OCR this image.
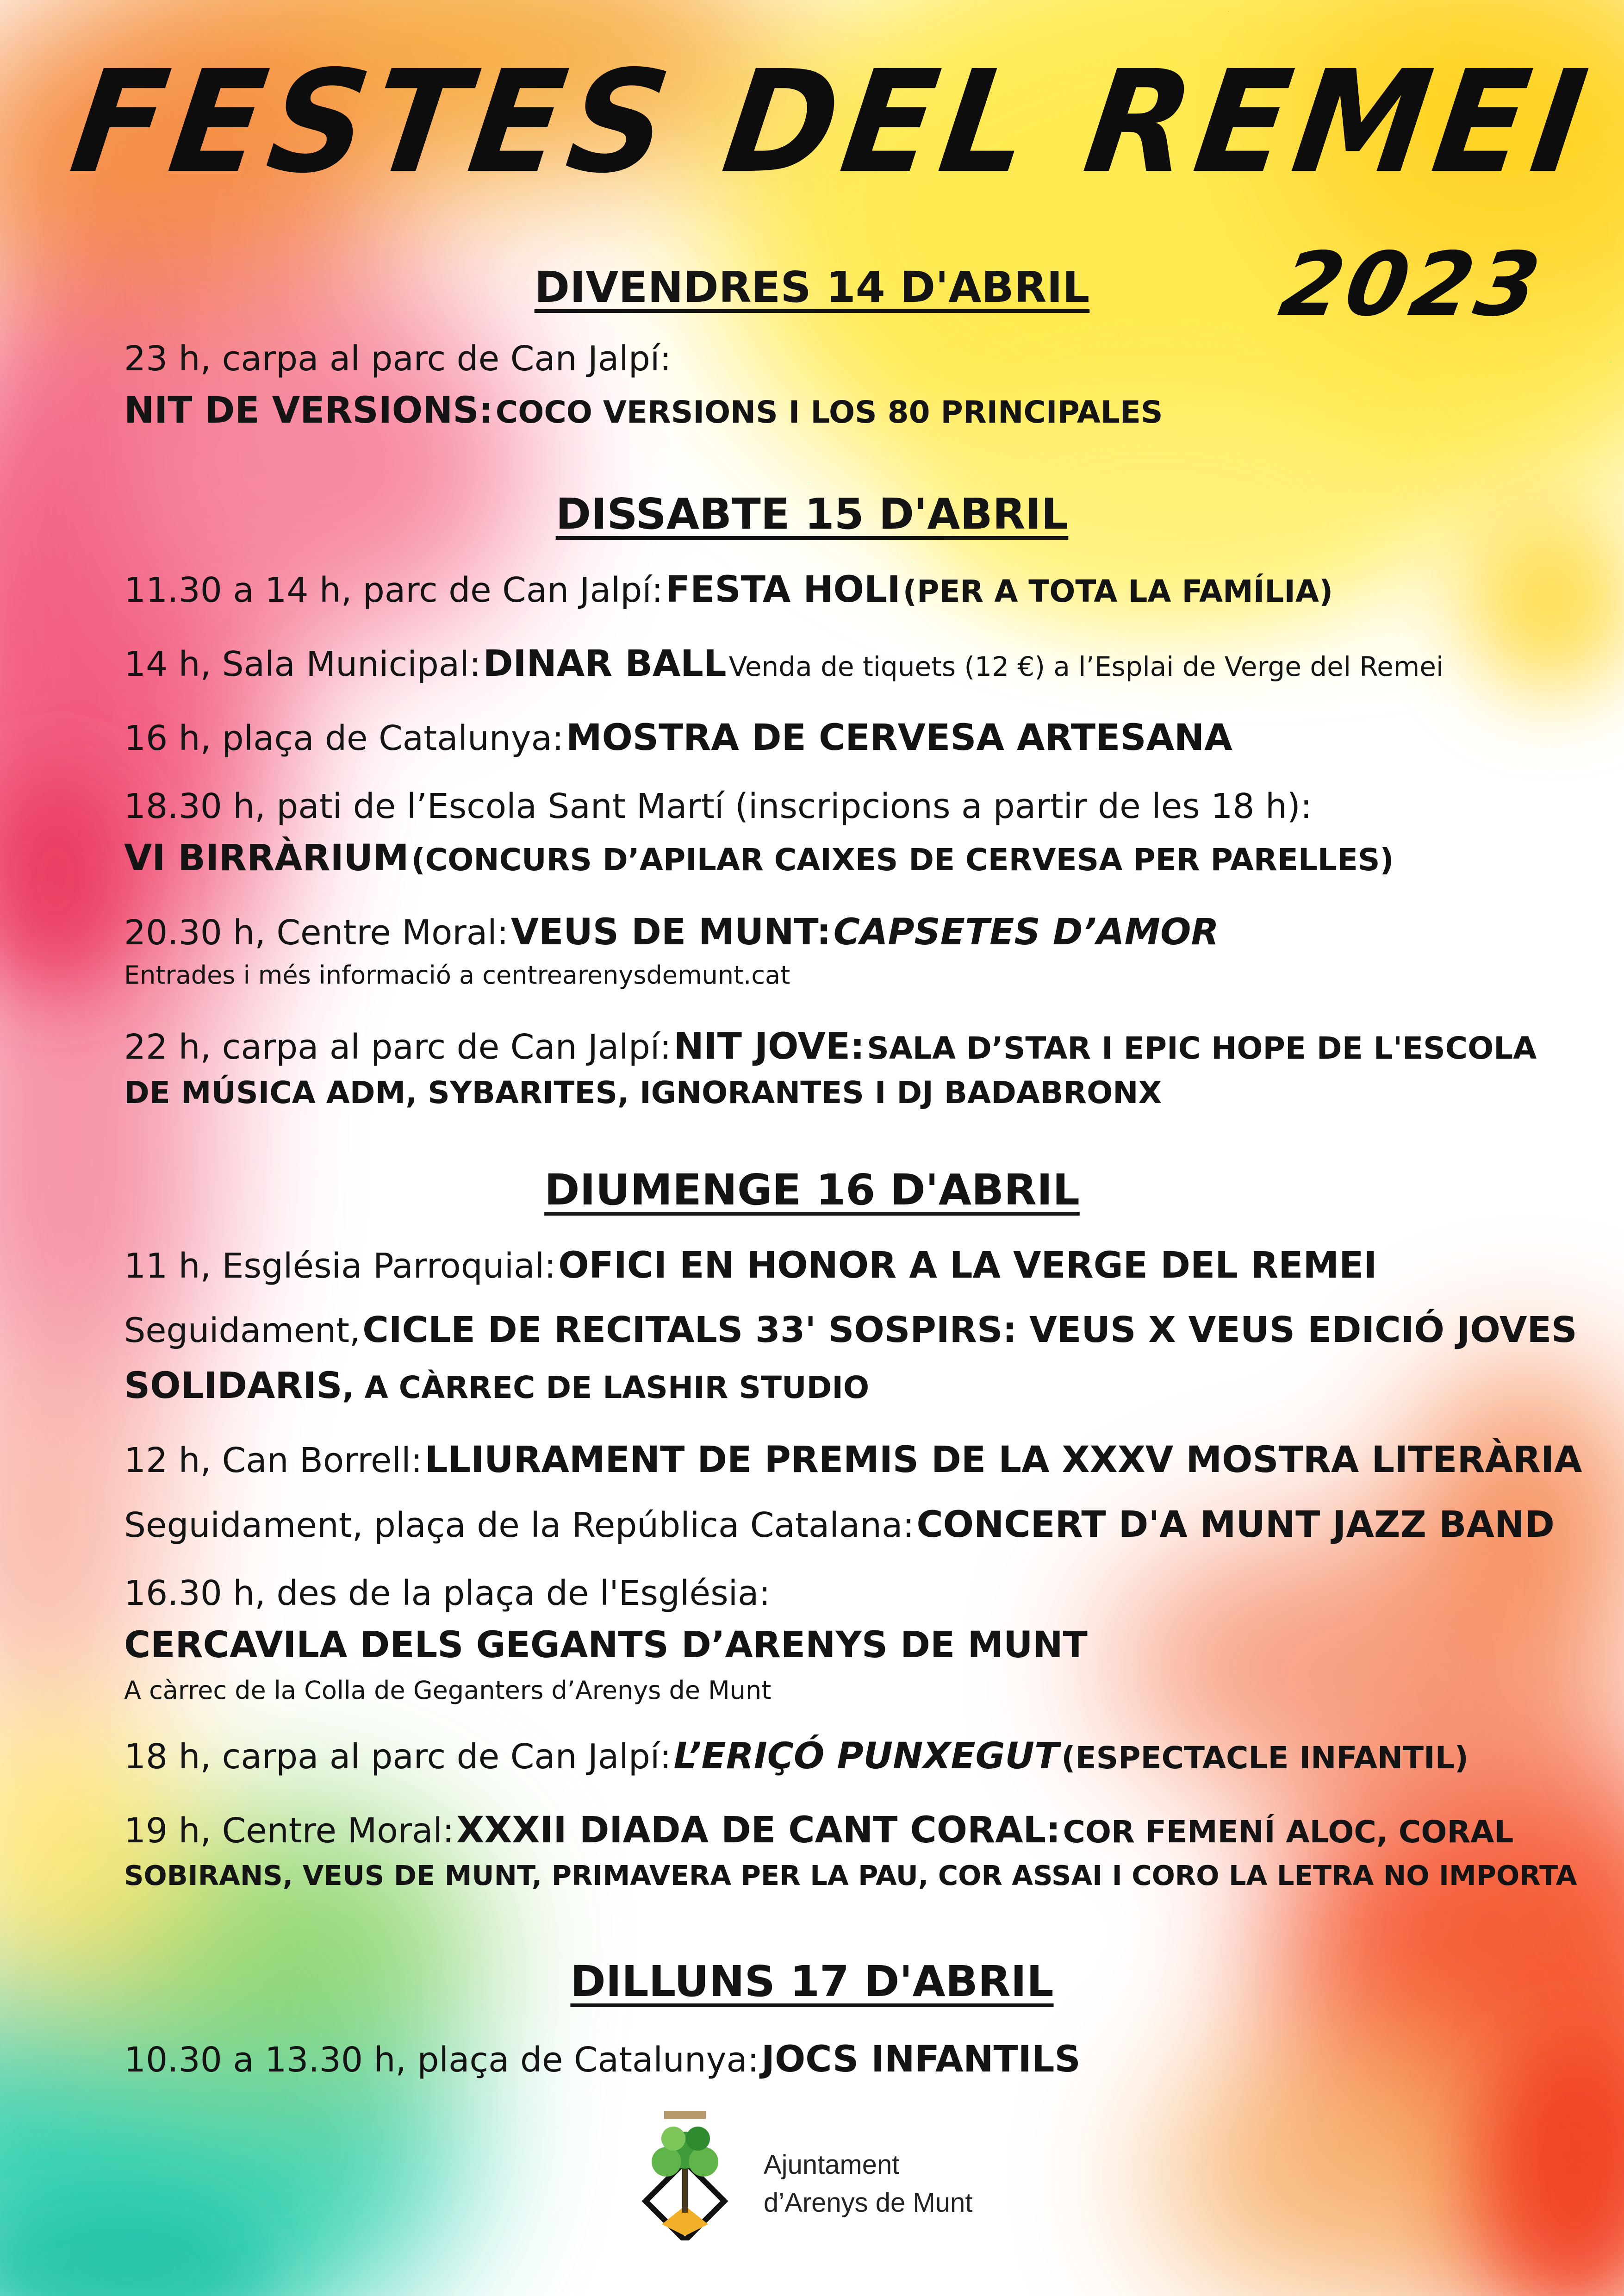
FESTES DEL REMEI
2023
DIVENDRES 14 D'ABRIL

23 h, carpa al parc de Can Jalpí:

NIT DE VERSIONS: COCO VERSIONS I LOS 80 PRINCIPALES

DISSABTE 15 D'ABRIL

11.30 a 14 h, parc de Can Jalpí: FESTA HOLI (PER A TOTA LA FAMÍLIA)

14 h, Sala Municipal: DINAR BALL Venda de tiquets (12 €) a l’Esplai de Verge del Remei

16 h, plaça de Catalunya: MOSTRA DE CERVESA ARTESANA

18.30 h, pati de l’Escola Sant Martí (inscripcions a partir de les 18 h):

VI BIRRÀRIUM (CONCURS D’APILAR CAIXES DE CERVESA PER PARELLES)

20.30 h, Centre Moral: VEUS DE MUNT: CAPSETES D’AMOR

Entrades i més informació a centrearenysdemunt.cat

22 h, carpa al parc de Can Jalpí: NIT JOVE: SALA D’STAR I EPIC HOPE DE L'ESCOLA

DE MÚSICA ADM, SYBARITES, IGNORANTES I DJ BADABRONX

DIUMENGE 16 D'ABRIL

11 h, Església Parroquial: OFICI EN HONOR A LA VERGE DEL REMEI

Seguidament, CICLE DE RECITALS 33' SOSPIRS: VEUS X VEUS EDICIÓ JOVES

SOLIDARIS, A CÀRREC DE LASHIR STUDIO

12 h, Can Borrell: LLIURAMENT DE PREMIS DE LA XXXV MOSTRA LITERÀRIA

Seguidament, plaça de la República Catalana: CONCERT D'A MUNT JAZZ BAND

16.30 h, des de la plaça de l'Església:

CERCAVILA DELS GEGANTS D’ARENYS DE MUNT

A càrrec de la Colla de Geganters d’Arenys de Munt

18 h, carpa al parc de Can Jalpí: L’ERIÇÓ PUNXEGUT (ESPECTACLE INFANTIL)

19 h, Centre Moral: XXXII DIADA DE CANT CORAL: COR FEMENÍ ALOC, CORAL

SOBIRANS, VEUS DE MUNT, PRIMAVERA PER LA PAU, COR ASSAI I CORO LA LETRA NO IMPORTA

DILLUNS 17 D'ABRIL

10.30 a 13.30 h, plaça de Catalunya: JOCS INFANTILS

Ajuntament

d’Arenys de Munt
